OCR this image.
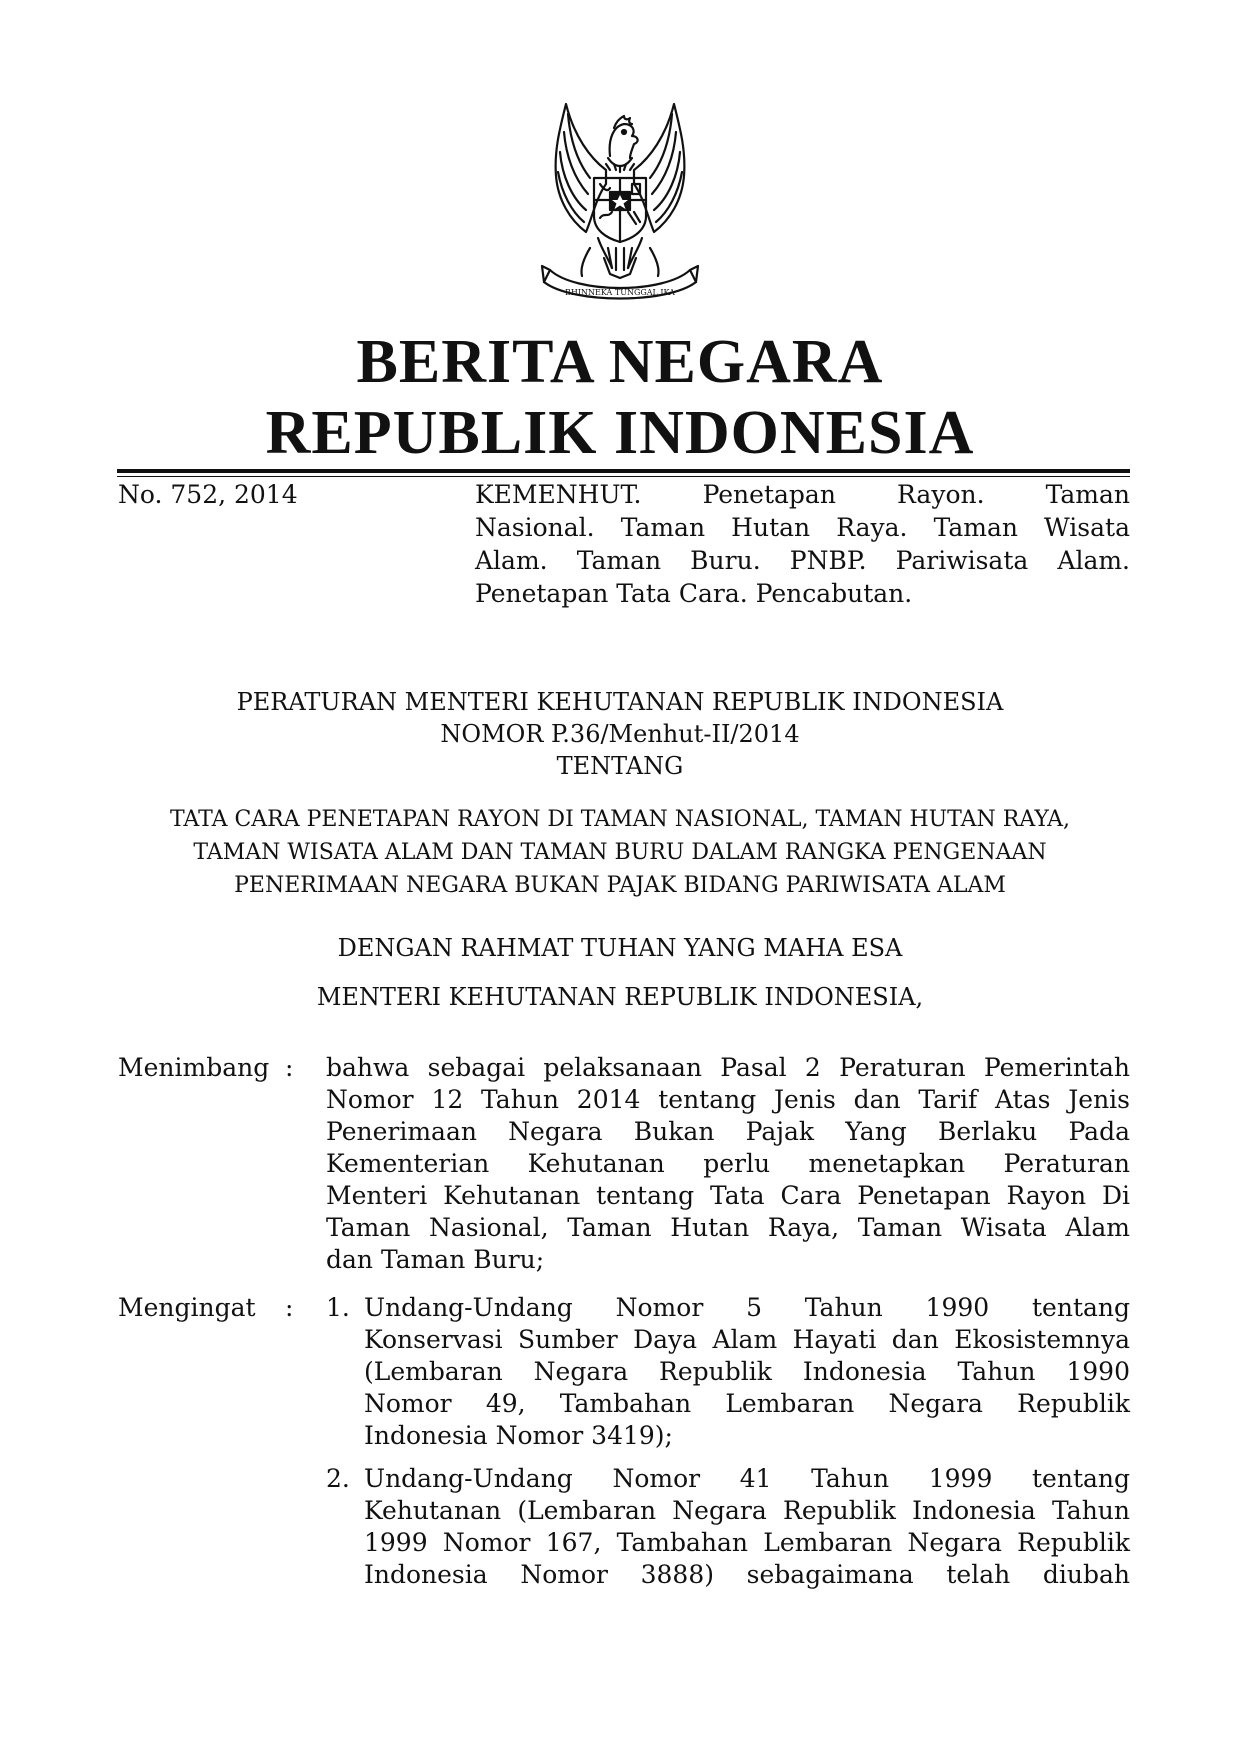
BHINNEKA TUNGGAL IKA
BERITA NEGARA
REPUBLIK INDONESIA
No. 752, 2014	KEMENHUT. Penetapan Rayon. Taman
Nasional. Taman Hutan Raya. Taman Wisata
Alam. Taman Buru. PNBP. Pariwisata Alam.
Penetapan Tata Cara. Pencabutan.
PERATURAN MENTERI KEHUTANAN REPUBLIK INDONESIA
NOMOR P.36/Menhut-II/2014
TENTANG
TATA CARA PENETAPAN RAYON DI TAMAN NASIONAL, TAMAN HUTAN RAYA,
TAMAN WISATA ALAM DAN TAMAN BURU DALAM RANGKA PENGENAAN
PENERIMAAN NEGARA BUKAN PAJAK BIDANG PARIWISATA ALAM
DENGAN RAHMAT TUHAN YANG MAHA ESA
MENTERI KEHUTANAN REPUBLIK INDONESIA,
Menimbang : bahwa sebagai pelaksanaan Pasal 2 Peraturan Pemerintah
Nomor 12 Tahun 2014 tentang Jenis dan Tarif Atas Jenis
Penerimaan Negara Bukan Pajak Yang Berlaku Pada
Kementerian Kehutanan perlu menetapkan Peraturan
Menteri Kehutanan tentang Tata Cara Penetapan Rayon Di
Taman Nasional, Taman Hutan Raya, Taman Wisata Alam
dan Taman Buru;
Mengingat : 1. Undang-Undang Nomor 5 Tahun 1990 tentang
Konservasi Sumber Daya Alam Hayati dan Ekosistemnya
(Lembaran Negara Republik Indonesia Tahun 1990
Nomor 49, Tambahan Lembaran Negara Republik
Indonesia Nomor 3419);
2. Undang-Undang Nomor 41 Tahun 1999 tentang
Kehutanan (Lembaran Negara Republik Indonesia Tahun
1999 Nomor 167, Tambahan Lembaran Negara Republik
Indonesia Nomor 3888) sebagaimana telah diubah
